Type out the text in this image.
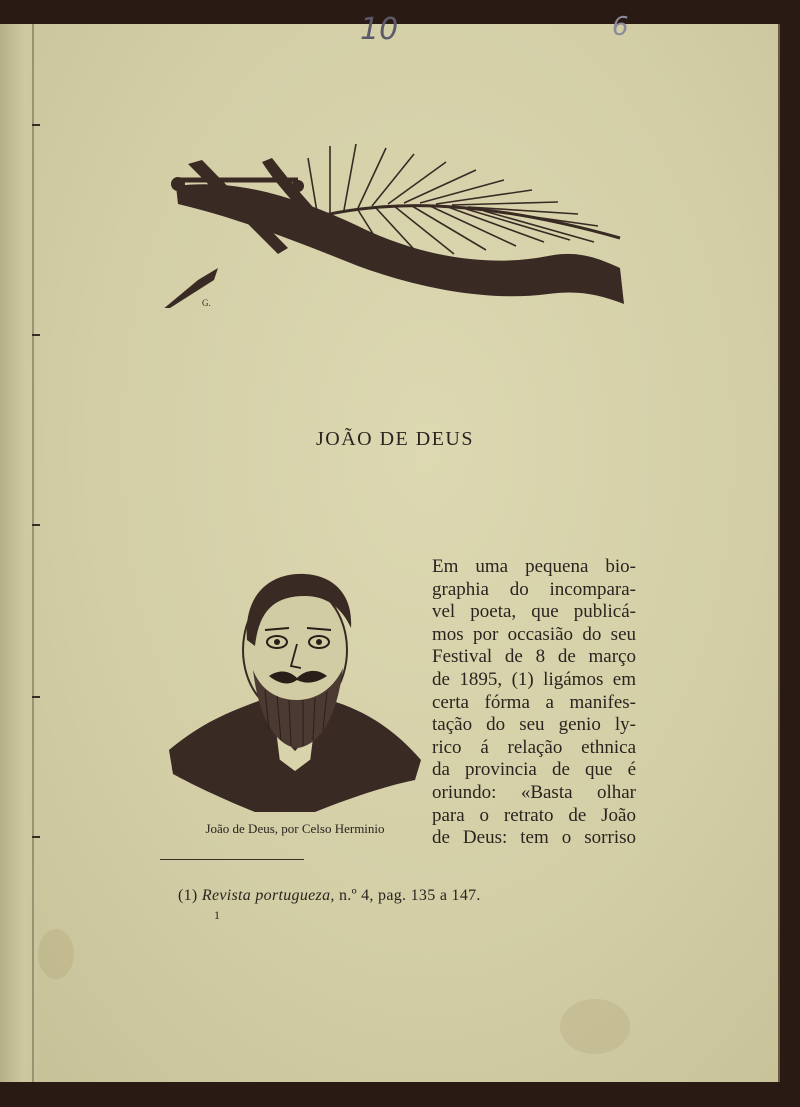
10	6
G.
JOÃO DE DEUS
CH
João de Deus, por Celso Herminio
Em uma pequena bio-
graphia do incompara-
vel poeta, que publicá-
mos por occasião do seu
Festival de 8 de março
de 1895, (1) ligámos em
certa fórma a manifes-
tação do seu genio ly-
rico á relação ethnica
da provincia de que é
oriundo: «Basta olhar
para o retrato de João
de Deus: tem o sorriso
(1) Revista portugueza, n.º 4, pag. 135 a 147.
1
